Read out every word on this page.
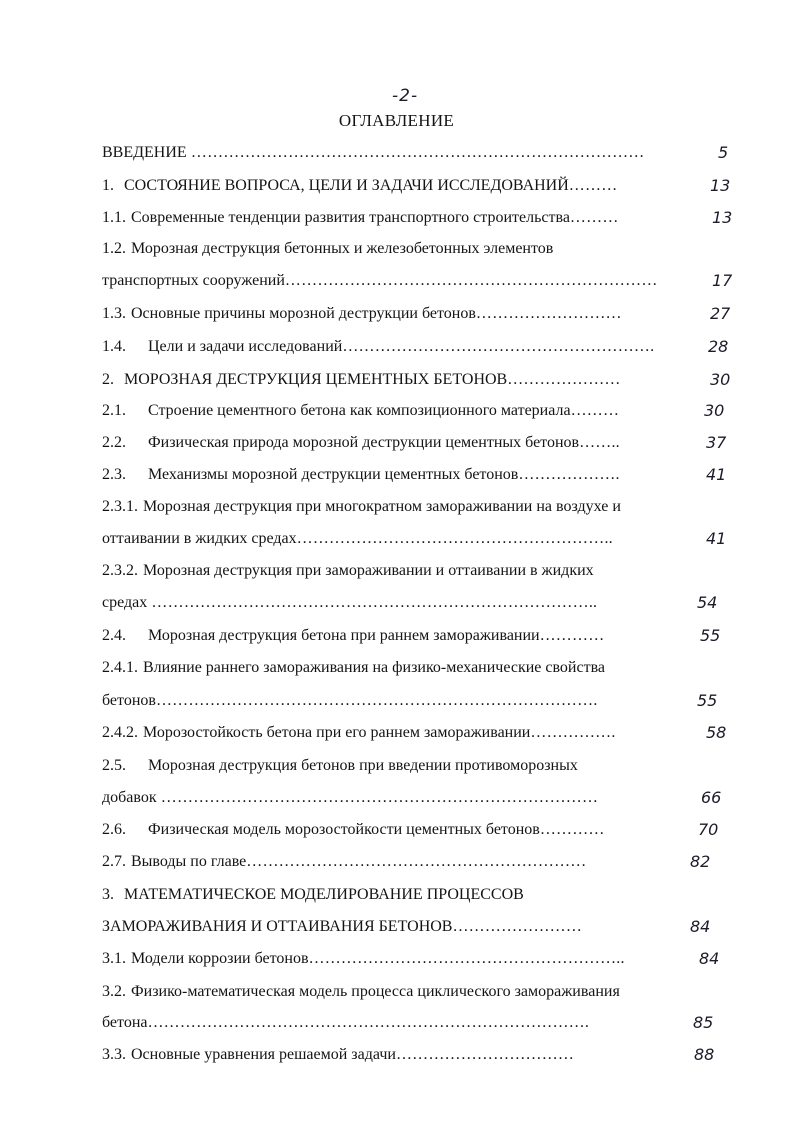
-2-
ОГЛАВЛЕНИЕ
ВВЕДЕНИЕ …………………………………………………………………………	5
1. СОСТОЯНИЕ ВОПРОСА, ЦЕЛИ И ЗАДАЧИ ИССЛЕДОВАНИЙ………	13
1.1. Современные тенденции развития транспортного строительства………	13
1.2. Морозная деструкция бетонных и железобетонных элементов
транспортных сооружений……………………………………………………………	17
1.3. Основные причины морозной деструкции бетонов………………………	27
1.4. Цели и задачи исследований………………………………………………….	28
2. МОРОЗНАЯ ДЕСТРУКЦИЯ ЦЕМЕНТНЫХ БЕТОНОВ…………………	30
2.1. Строение цементного бетона как композиционного материала………	30
2.2. Физическая природа морозной деструкции цементных бетонов……..	37
2.3. Механизмы морозной деструкции цементных бетонов……………….	41
2.3.1. Морозная деструкция при многократном замораживании на воздухе и
оттаивании в жидких средах…………………………………………………..	41
2.3.2. Морозная деструкция при замораживании и оттаивании в жидких
средах ………………………………………………………………………..	54
2.4. Морозная деструкция бетона при раннем замораживании…………	55
2.4.1. Влияние раннего замораживания на физико-механические свойства
бетонов……………………………………………………………………….	55
2.4.2. Морозостойкость бетона при его раннем замораживании…………….	58
2.5. Морозная деструкция бетонов при введении противоморозных
добавок ………………………………………………………………………	66
2.6. Физическая модель морозостойкости цементных бетонов…………	70
2.7. Выводы по главе………………………………………………………	82
3. МАТЕМАТИЧЕСКОЕ МОДЕЛИРОВАНИЕ ПРОЦЕССОВ
ЗАМОРАЖИВАНИЯ И ОТТАИВАНИЯ БЕТОНОВ……………………	84
3.1. Модели коррозии бетонов…………………………………………………..	84
3.2. Физико-математическая модель процесса циклического замораживания
бетона……………………………………………………………………….	85
3.3. Основные уравнения решаемой задачи……………………………	88
